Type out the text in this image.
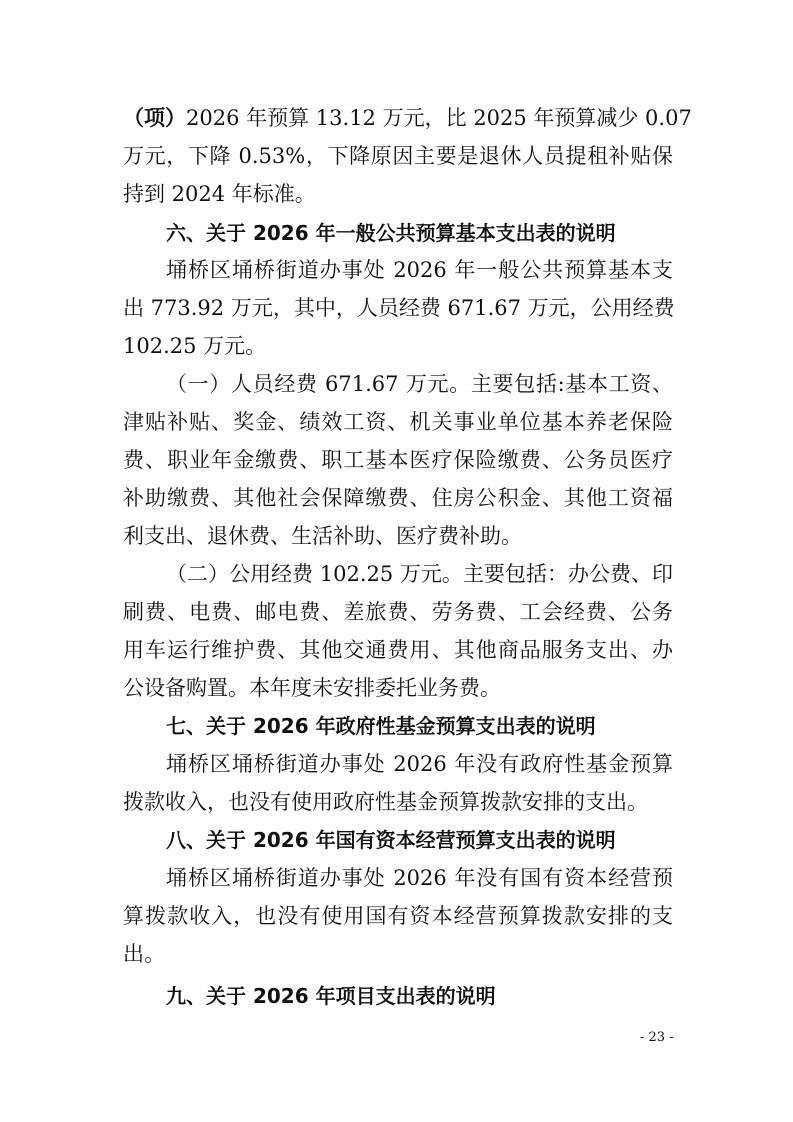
（项）2026 年预算 13.12 万元，比 2025 年预算减少 0.07
万元，下降 0.53%，下降原因主要是退休人员提租补贴保
持到 2024 年标准。
六、关于 2026 年一般公共预算基本支出表的说明
埇桥区埇桥街道办事处 2026 年一般公共预算基本支
出 773.92 万元，其中，人员经费 671.67 万元，公用经费
102.25 万元。
（一）人员经费 671.67 万元。主要包括:基本工资、
津贴补贴、奖金、绩效工资、机关事业单位基本养老保险
费、职业年金缴费、职工基本医疗保险缴费、公务员医疗
补助缴费、其他社会保障缴费、住房公积金、其他工资福
利支出、退休费、生活补助、医疗费补助。
（二）公用经费 102.25 万元。主要包括：办公费、印
刷费、电费、邮电费、差旅费、劳务费、工会经费、公务
用车运行维护费、其他交通费用、其他商品服务支出、办
公设备购置。本年度未安排委托业务费。
七、关于 2026 年政府性基金预算支出表的说明
埇桥区埇桥街道办事处 2026 年没有政府性基金预算
拨款收入，也没有使用政府性基金预算拨款安排的支出。
八、关于 2026 年国有资本经营预算支出表的说明
埇桥区埇桥街道办事处 2026 年没有国有资本经营预
算拨款收入，也没有使用国有资本经营预算拨款安排的支
出。
九、关于 2026 年项目支出表的说明
- 23 -
